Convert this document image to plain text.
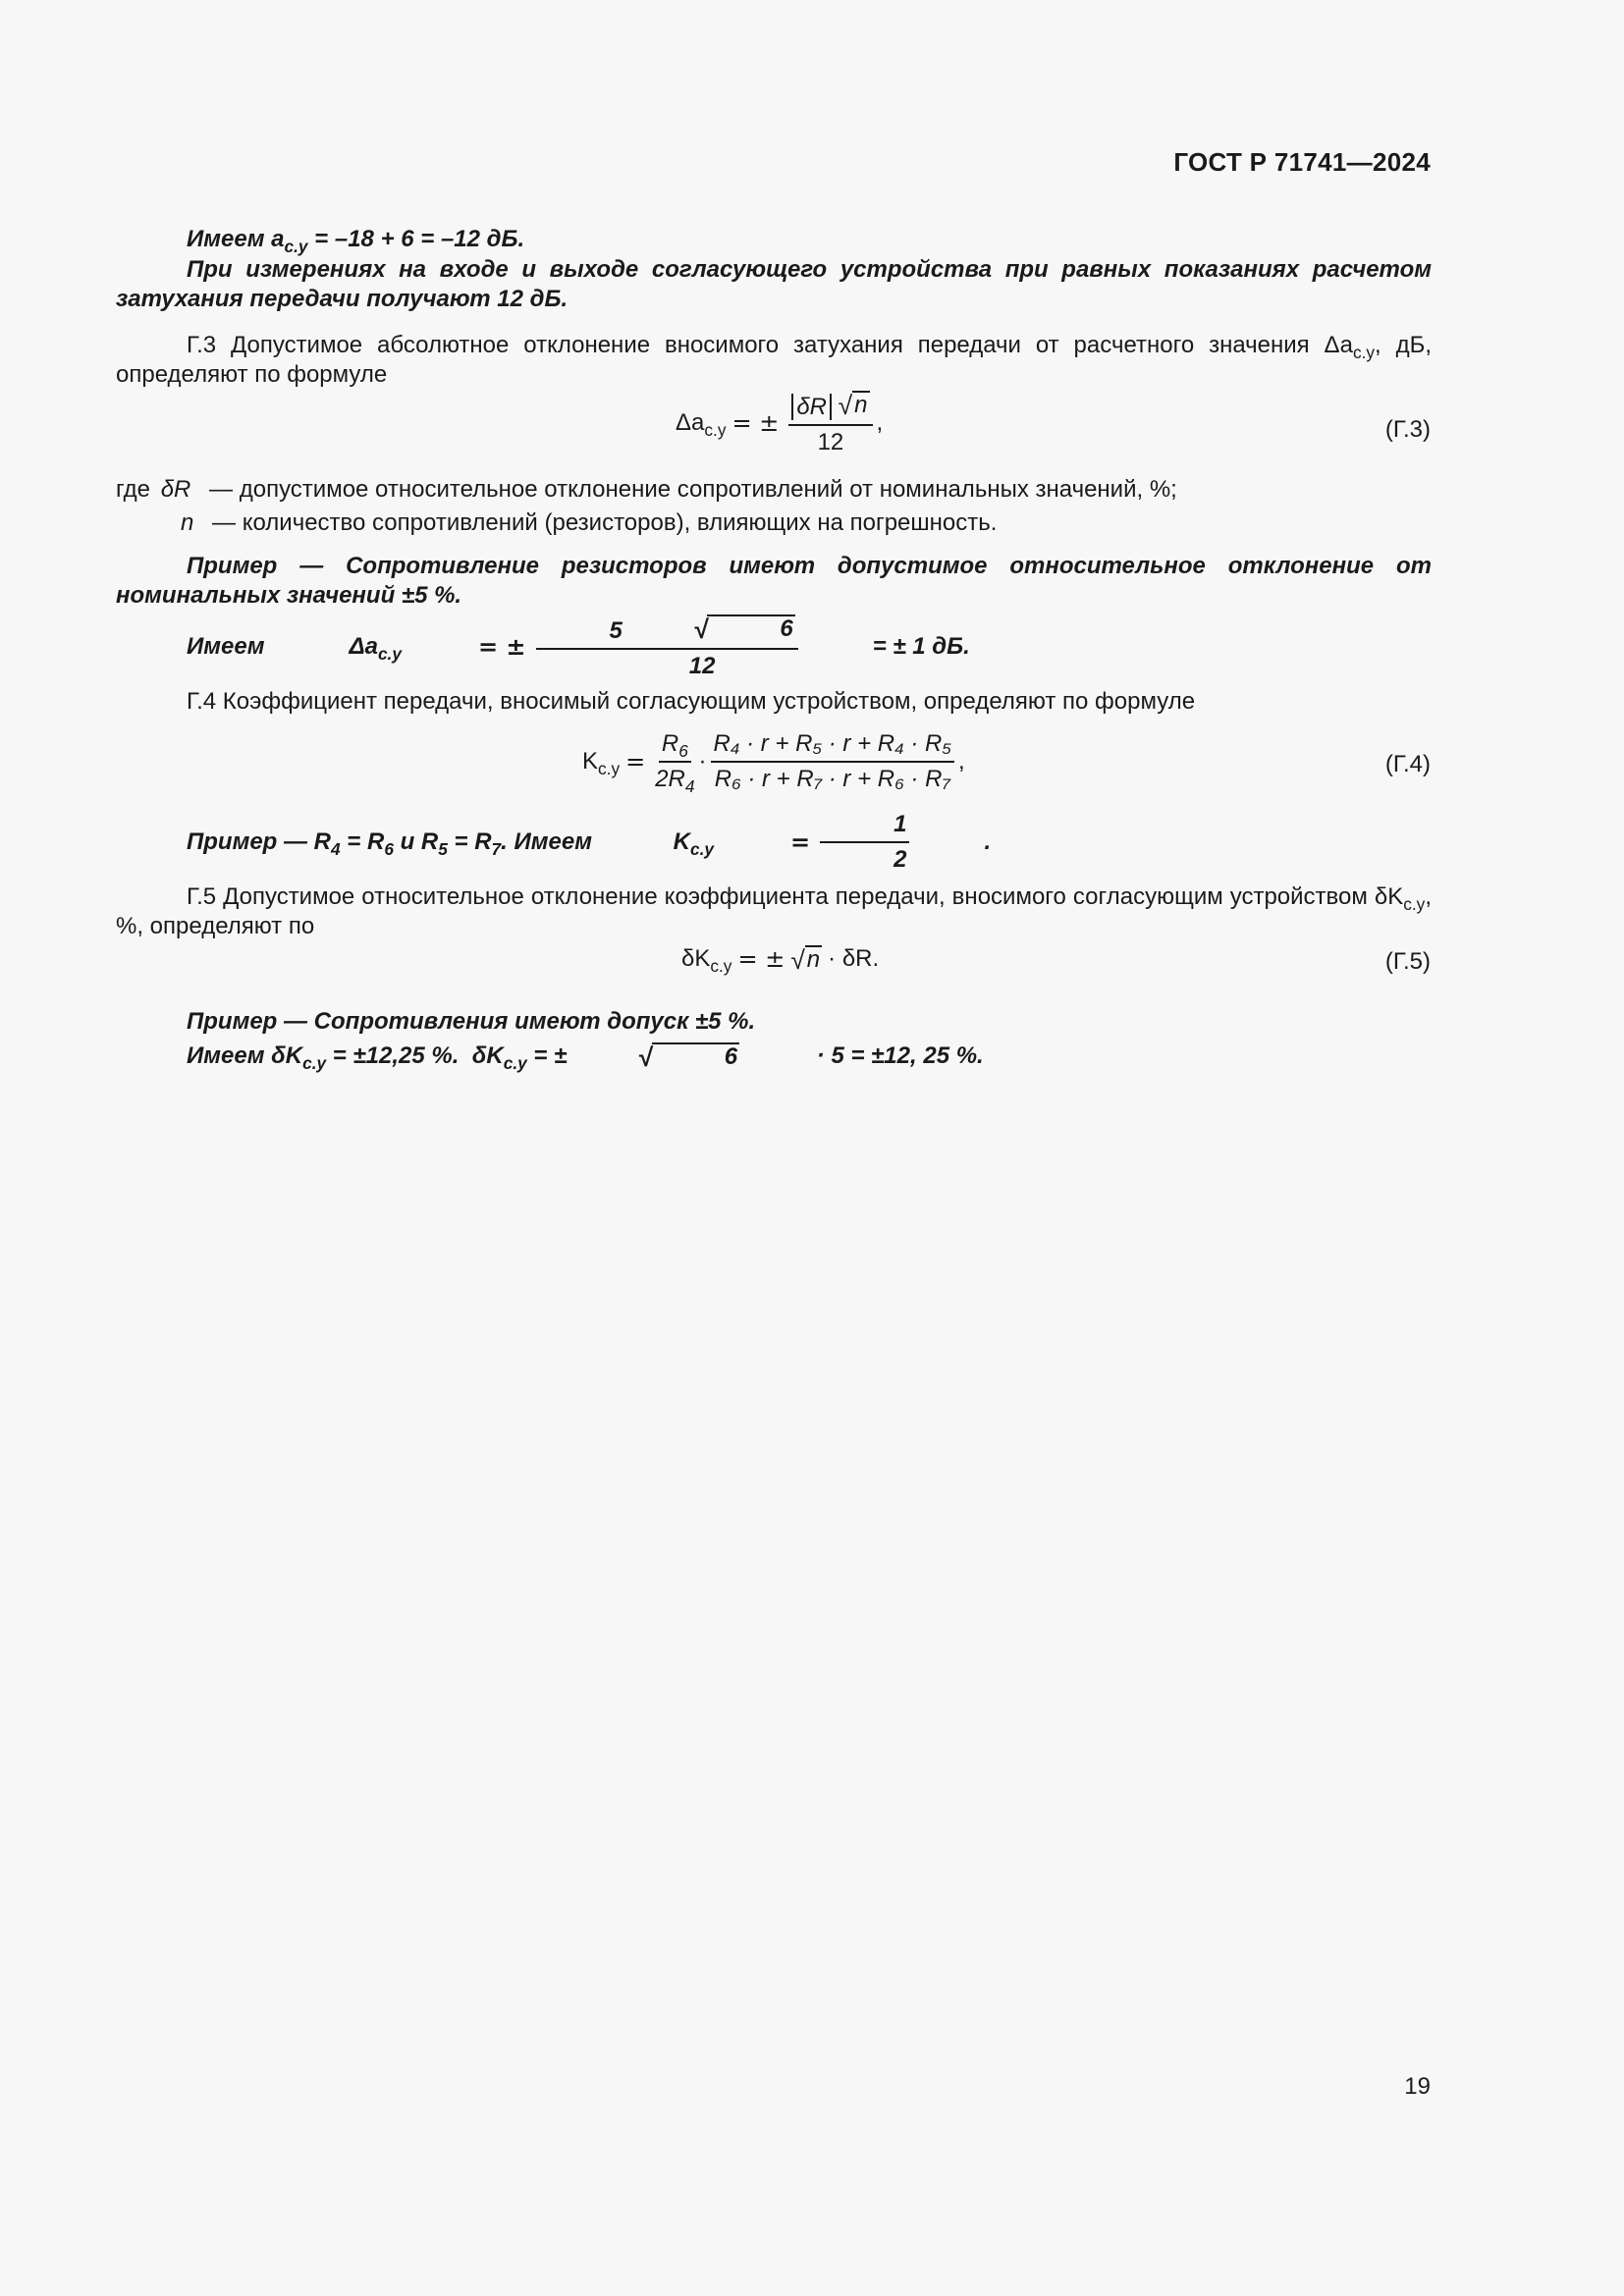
ГОСТ Р 71741—2024
Имеем $a_{с.у} = -18 + 6 = -12$ дБ.
При измерениях на входе и выходе согласующего устройства при равных показаниях расчетом затухания передачи получают 12 дБ.
Г.3 Допустимое абсолютное отклонение вносимого затухания передачи от расчетного значения $\Delta a_{с.у}$, дБ, определяют по формуле
$\Delta a_{с.у}$ = ± $\frac{\delta R √ n}{12}$ ,	(Г.3)
где δR — допустимое относительное отклонение сопротивлений от номинальных значений, %;
n — количество сопротивлений (резисторов), влияющих на погрешность.
Пример — Сопротивление резисторов имеют допустимое относительное отклонение от номинальных значений ±5 %.
Имеем	$\Delta a_{с.у}$	= ± 5	√	6
12	= ± 1 дБ.
Г.4 Коэффициент передачи, вносимый согласующим устройством, определяют по формуле
$K_{с.у} = \frac{R_6}{2R_4} \cdot \frac{\text{R₄ · r + R₅ · r + R₄ · R₅}}{\text{R₆ · r + R₇ · r + R₆ · R₇}}$ ,	(Г.4)
Пример — $R_4 = R_6$ и $R_5 = R_7$. Имеем	$K_{с.у}$	= $\frac{1}{2}$	.
Г.5 Допустимое относительное отклонение коэффициента передачи, вносимого согласующим устройством $\delta K_{с.у}$, %, определяют по
$\delta K_{с.у}$ = ± √ n · δR.	(Г.5)
Пример — Сопротивления имеют допуск ±5 %.
Имеем $\delta K_{с.у} = \pm 12,25$ %.  $\delta K_{с.у}$ = ±	√	6	· 5 = ±12, 25 %.
19
